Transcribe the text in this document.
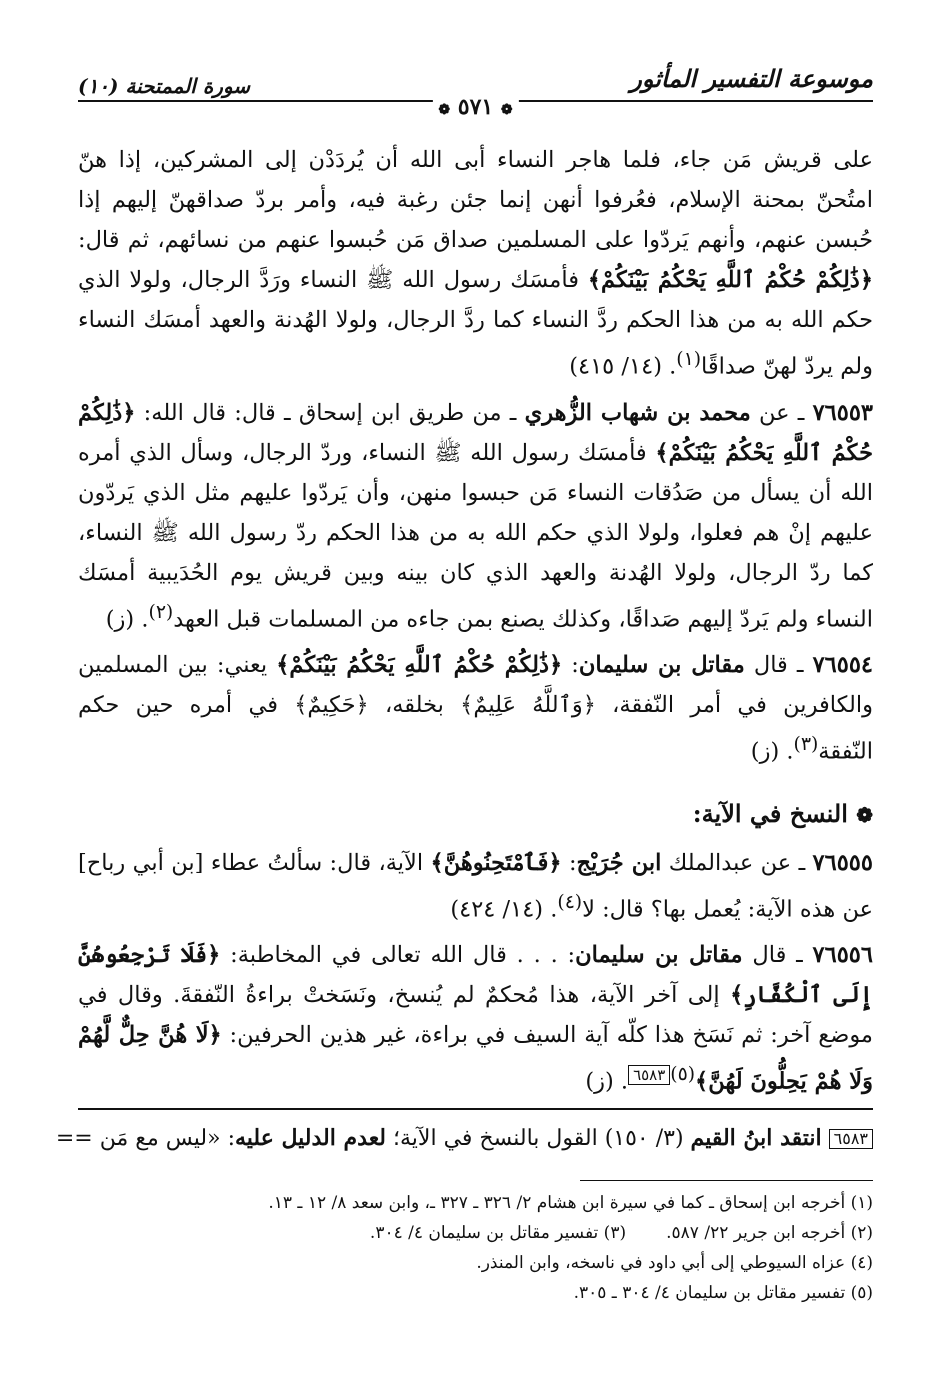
موسوعة التفسير المأثور
سورة الممتحنة (١٠)
❁ ٥٧١ ❁

على قريش مَن جاء، فلما هاجر النساء أبى الله أن يُردَدْن إلى المشركين، إذا هنّ امتُحنّ بمحنة الإسلام، فعُرفوا أنهن إنما جئن رغبة فيه، وأمر بردّ صداقهنّ إليهم إذا حُبسن عنهم، وأنهم يَردّوا على المسلمين صداق مَن حُبسوا عنهم من نسائهم، ثم قال: ﴿ذَٰلِكُمْ حُكْمُ ٱللَّهِ يَحْكُمُ بَيْنَكُمْ﴾ فأمسَك رسول الله ﷺ النساء ورَدَّ الرجال، ولولا الذي حكم الله به من هذا الحكم ردَّ النساء كما ردَّ الرجال، ولولا الهُدنة والعهد أمسَك النساء ولم يردّ لهنّ صداقًا$^{(١)}$. (١٤/ ٤١٥)

٧٦٥٥٣ ـ عن محمد بن شهاب الزُّهري ـ من طريق ابن إسحاق ـ قال: قال الله: ﴿ذَٰلِكُمْ حُكْمُ ٱللَّهِ يَحْكُمُ بَيْنَكُمْ﴾ فأمسَك رسول الله ﷺ النساء، وردّ الرجال، وسأل الذي أمره الله أن يسأل من صَدُقات النساء مَن حبسوا منهن، وأن يَردّوا عليهم مثل الذي يَردّون عليهم إنْ هم فعلوا، ولولا الذي حكم الله به من هذا الحكم ردّ رسول الله ﷺ النساء، كما ردّ الرجال، ولولا الهُدنة والعهد الذي كان بينه وبين قريش يوم الحُدَيبية أمسَك النساء ولم يَردّ إليهم صَداقًا، وكذلك يصنع بمن جاءه من المسلمات قبل العهد$^{(٢)}$. (ز)

٧٦٥٥٤ ـ قال مقاتل بن سليمان: ﴿ذَٰلِكُمْ حُكْمُ ٱللَّهِ يَحْكُمُ بَيْنَكُمْ﴾ يعني: بين المسلمين والكافرين في أمر النّفقة، ﴿وَٱللَّهُ عَلِيمٌ﴾ بخلقه، ﴿حَكِيمٌ﴾ في أمره حين حكم النّفقة$^{(٣)}$. (ز)

❁ النسخ في الآية:

٧٦٥٥٥ ـ عن عبدالملك ابن جُرَيْج: ﴿فَٱمْتَحِنُوهُنَّ﴾ الآية، قال: سألتُ عطاء [بن أبي رباح] عن هذه الآية: يُعمل بها؟ قال: لا$^{(٤)}$. (١٤/ ٤٢٤)

٧٦٥٥٦ ـ قال مقاتل بن سليمان: . . . قال الله تعالى في المخاطبة: ﴿فَلَا تَرْجِعُوهُنَّ إِلَى ٱلْكُفَّارِ﴾ إلى آخر الآية، هذا مُحكمٌ لم يُنسخ، ونَسَختْ براءةُ النّفقةَ. وقال في موضع آخر: ثم نَسَخ هذا كلّه آية السيف في براءة، غير هذين الحرفين: ﴿لَا هُنَّ حِلٌّ لَّهُمْ وَلَا هُمْ يَحِلُّونَ لَهُنَّ﴾$^{(٥)}$٦٥٨٣. (ز)

٦٥٨٣ انتقد ابنُ القيم (٣/ ١٥٠) القول بالنسخ في الآية؛ لعدم الدليل عليه: «ليس مع مَن ==
(١) أخرجه ابن إسحاق ـ كما في سيرة ابن هشام ٢/ ٣٢٦ ـ ٣٢٧ ـ، وابن سعد ٨/ ١٢ ـ ١٣.
(٢) أخرجه ابن جرير ٢٢/ ٥٨٧.
(٣) تفسير مقاتل بن سليمان ٤/ ٣٠٤.
(٤) عزاه السيوطي إلى أبي داود في ناسخه، وابن المنذر.
(٥) تفسير مقاتل بن سليمان ٤/ ٣٠٤ ـ ٣٠٥.
